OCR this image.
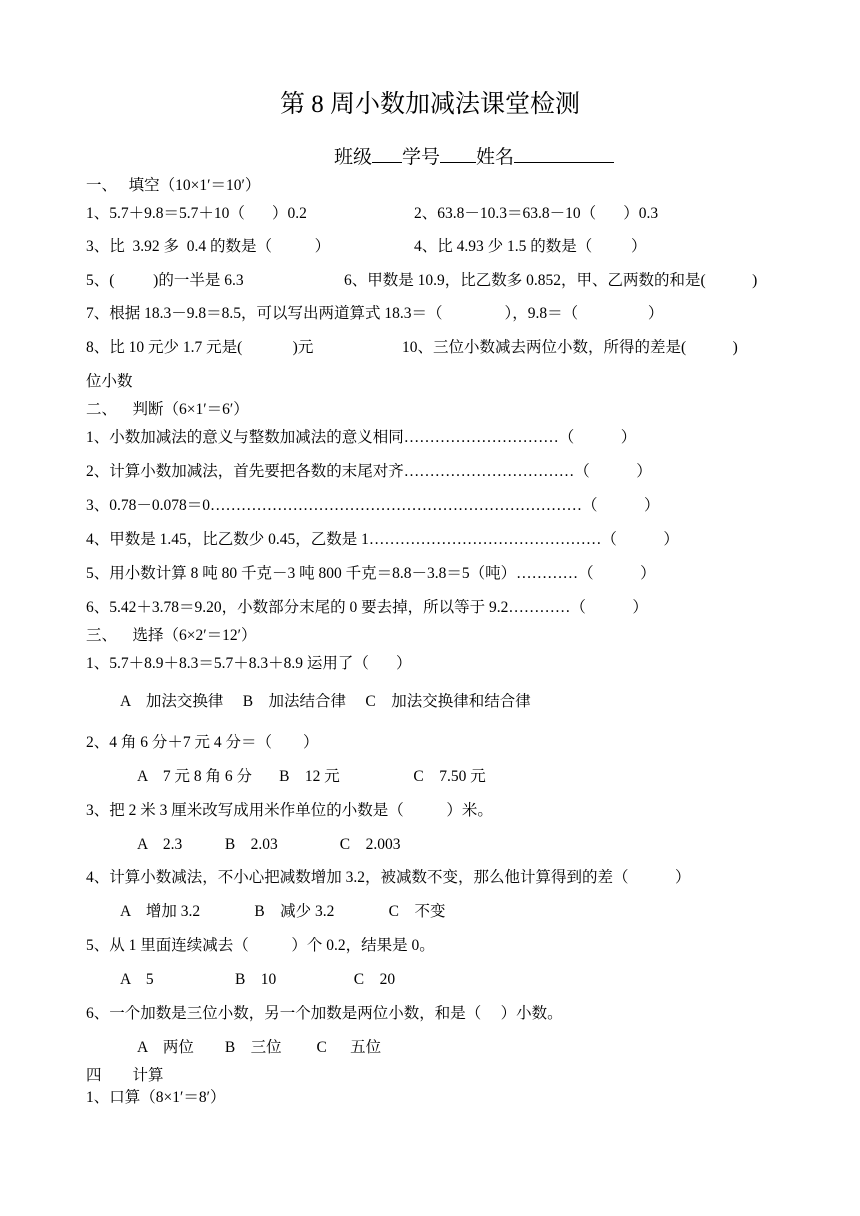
第 8 周小数加减法课堂检测
班级 学号 姓名
一、   填空（10×1′＝10′）
1、5.7＋9.8＝5.7＋10（       ）0.2	2、63.8－10.3＝63.8－10（       ）0.3
3、比  3.92 多  0.4 的数是（           ）	4、比 4.93 少 1.5 的数是（          ）
5、(          )的一半是 6.3	6、甲数是 10.9，比乙数多 0.852，甲、乙两数的和是(            )
7、根据 18.3－9.8＝8.5，可以写出两道算式 18.3＝（                ），9.8＝（                  ）
8、比 10 元少 1.7 元是(             )元	10、三位小数减去两位小数，所得的差是(            )
位小数
二、    判断（6×1′＝6′）
1、小数加减法的意义与整数加减法的意义相同…………………………（            ）
2、计算小数加减法，首先要把各数的末尾对齐……………………………（            ）
3、0.78－0.078＝0………………………………………………………………（            ）
4、甲数是 1.45，比乙数少 0.45，乙数是 1………………………………………（            ）
5、用小数计算 8 吨 80 千克－3 吨 800 千克＝8.8－3.8＝5（吨）…………（            ）
6、5.42＋3.78＝9.20，小数部分末尾的 0 要去掉，所以等于 9.2…………（            ）
三、    选择（6×2′＝12′）
1、5.7＋8.9＋8.3＝5.7＋8.3＋8.9 运用了（       ）
A    加法交换律     B    加法结合律     C    加法交换律和结合律
2、4 角 6 分＋7 元 4 分＝（        ）
A    7 元 8 角 6 分       B    12 元                   C    7.50 元
3、把 2 米 3 厘米改写成用米作单位的小数是（           ）米。
A    2.3           B    2.03                C    2.003
4、计算小数减法，不小心把减数增加 3.2，被减数不变，那么他计算得到的差（            ）
A    增加 3.2              B    减少 3.2              C    不变
5、从 1 里面连续减去（           ）个 0.2，结果是 0。
A    5                     B    10                    C    20
6、一个加数是三位小数，另一个加数是两位小数，和是（     ）小数。
A    两位        B    三位         C      五位
四        计算
1、口算（8×1′＝8′）
